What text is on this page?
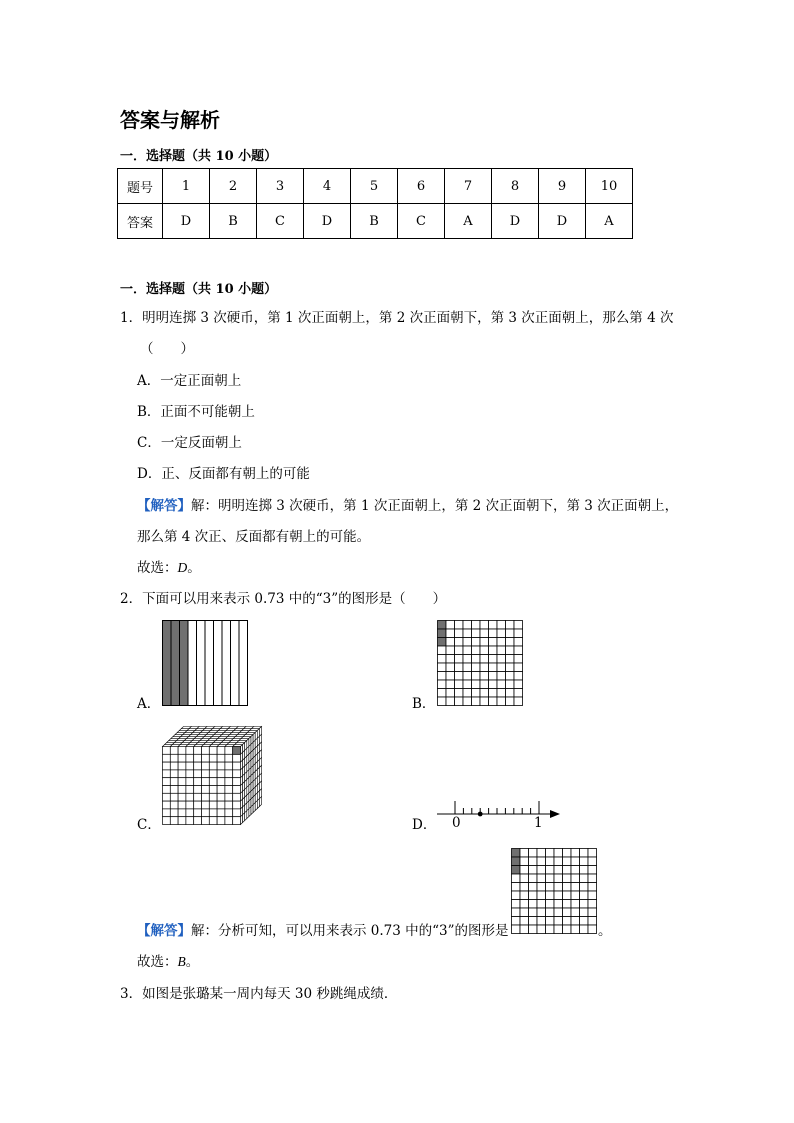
答案与解析
一．选择题（共 10 小题）
题号	1	2	3	4	5	6	7	8	9	10
答案	D	B	C	D	B	C	A	D	D	A
一．选择题（共 10 小题）
1．明明连掷 3 次硬币，第 1 次正面朝上，第 2 次正面朝下，第 3 次正面朝上，那么第 4 次
（　　）
A．一定正面朝上
B．正面不可能朝上
C．一定反面朝上
D．正、反面都有朝上的可能
【解答】解：明明连掷 3 次硬币，第 1 次正面朝上，第 2 次正面朝下，第 3 次正面朝上，
那么第 4 次正、反面都有朝上的可能。
故选：D。
2．下面可以用来表示 0.73 中的“3”的图形是（　　）
A．	B．
C．	0	1
D．
【解答】解：分析可知，可以用来表示 0.73 中的“3”的图形是	。
故选：B。
3．如图是张璐某一周内每天 30 秒跳绳成绩．
